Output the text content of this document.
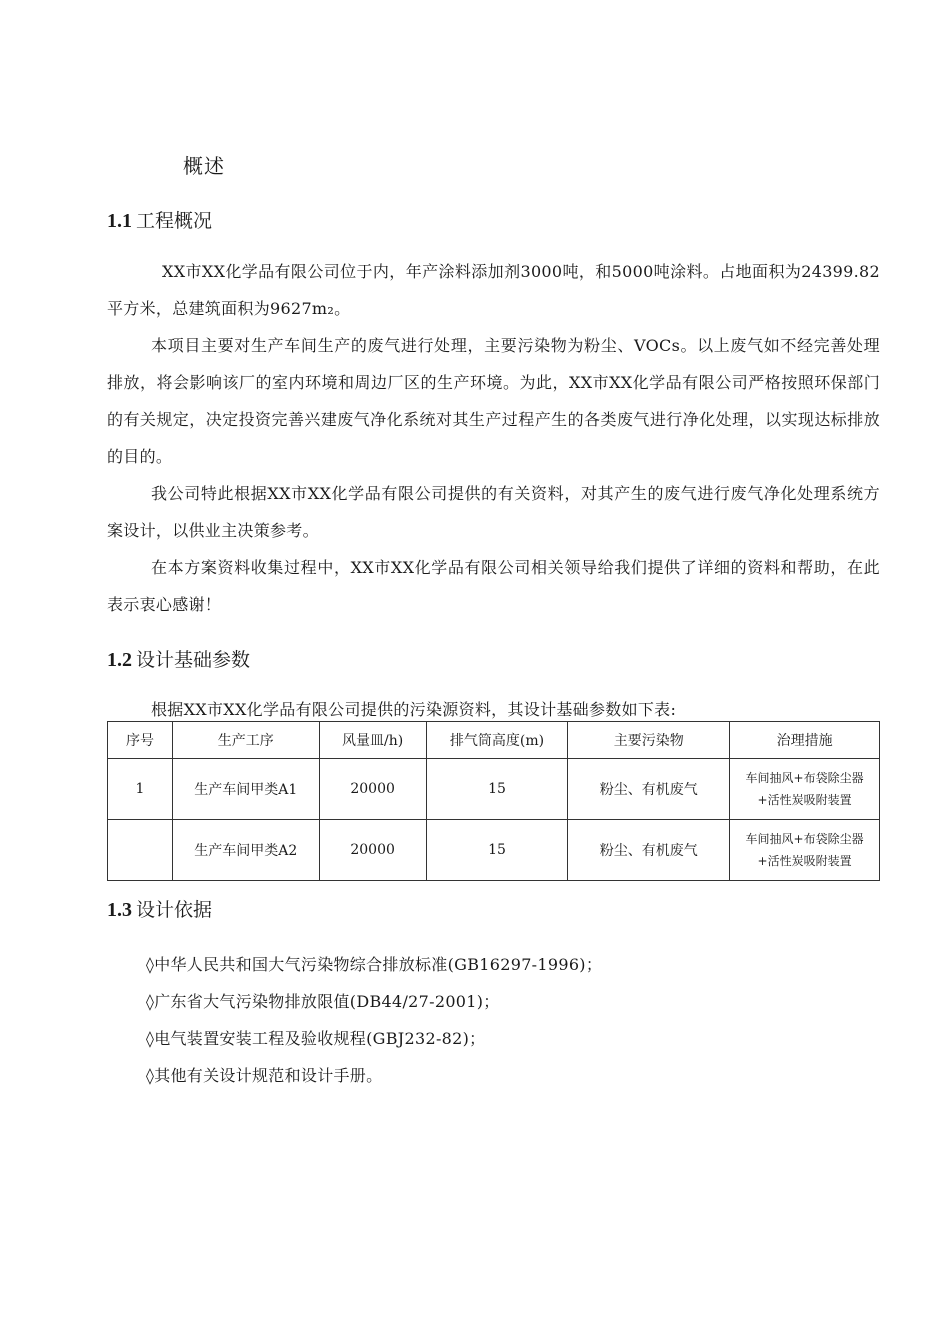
概述
1.1 工程概况

XX市XX化学品有限公司位于内，年产涂料添加剂3000吨，和5000吨涂料。占地面积为24399.82平方米，总建筑面积为9627m₂。

本项目主要对生产车间生产的废气进行处理，主要污染物为粉尘、VOCs。以上废气如不经完善处理排放，将会影响该厂的室内环境和周边厂区的生产环境。为此，XX市XX化学品有限公司严格按照环保部门的有关规定，决定投资完善兴建废气净化系统对其生产过程产生的各类废气进行净化处理，以实现达标排放的目的。

我公司特此根据XX市XX化学品有限公司提供的有关资料，对其产生的废气进行废气净化处理系统方案设计，以供业主决策参考。

在本方案资料收集过程中，XX市XX化学品有限公司相关领导给我们提供了详细的资料和帮助，在此表示衷心感谢！

1.2 设计基础参数
根据XX市XX化学品有限公司提供的污染源资料，其设计基础参数如下表:
序号	生产工序	风量皿/h)	排气筒高度(m)	主要污染物	治理措施
1	生产车间甲类A1	20000	15	粉尘、有机废气	车间抽风+布袋除尘器
+活性炭吸附装置

	生产车间甲类A2	20000	15	粉尘、有机废气	车间抽风+布袋除尘器
+活性炭吸附装置
1.3 设计依据
◊中华人民共和国大气污染物综合排放标准(GB16297-1996)；
◊广东省大气污染物排放限值(DB44/27-2001)；
◊电气装置安装工程及验收规程(GBJ232-82)；
◊其他有关设计规范和设计手册。
